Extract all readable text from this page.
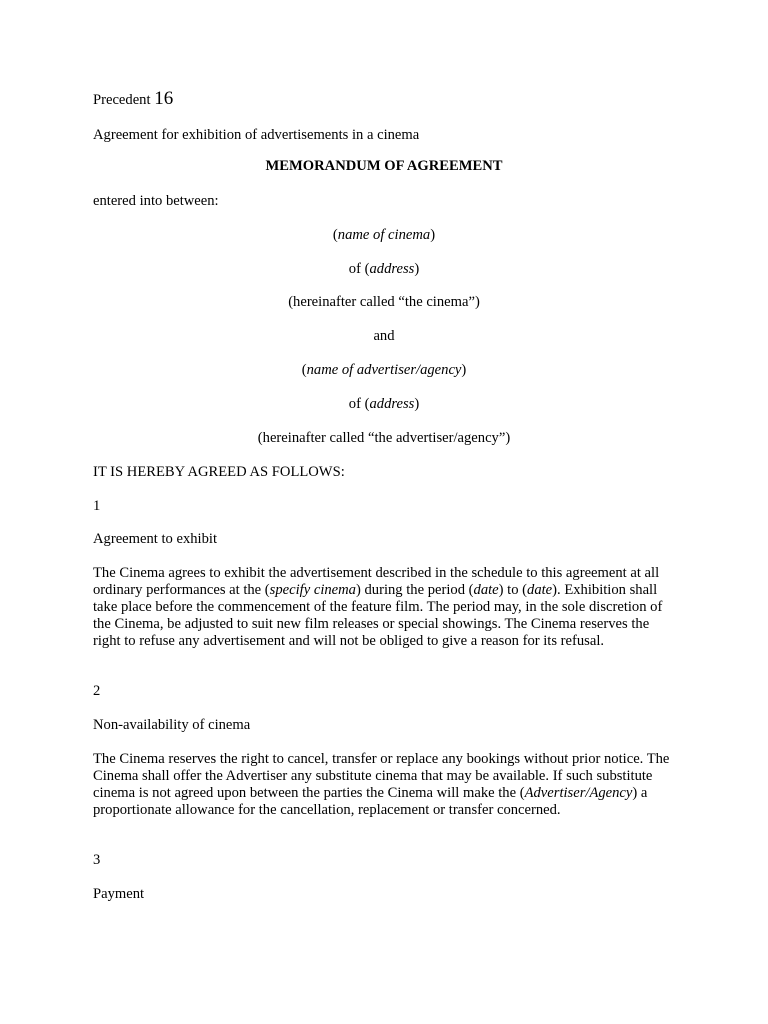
Precedent 16
Agreement for exhibition of advertisements in a cinema
MEMORANDUM OF AGREEMENT
entered into between:
(name of cinema)
of (address)
(hereinafter called “the cinema”)
and
(name of advertiser/agency)
of (address)
(hereinafter called “the advertiser/agency”)
IT IS HEREBY AGREED AS FOLLOWS:
1
Agreement to exhibit

The Cinema agrees to exhibit the advertisement described in the schedule to this agreement at all ordinary performances at the (specify cinema) during the period (date) to (date). Exhibition shall take place before the commencement of the feature film. The period may, in the sole discretion of the Cinema, be adjusted to suit new film releases or special showings. The Cinema reserves the right to refuse any advertisement and will not be obliged to give a reason for its refusal.

2
Non-availability of cinema

The Cinema reserves the right to cancel, transfer or replace any bookings without prior notice. The Cinema shall offer the Advertiser any substitute cinema that may be available. If such substitute cinema is not agreed upon between the parties the Cinema will make the (Advertiser/Agency) a proportionate allowance for the cancellation, replacement or transfer concerned.

3
Payment
